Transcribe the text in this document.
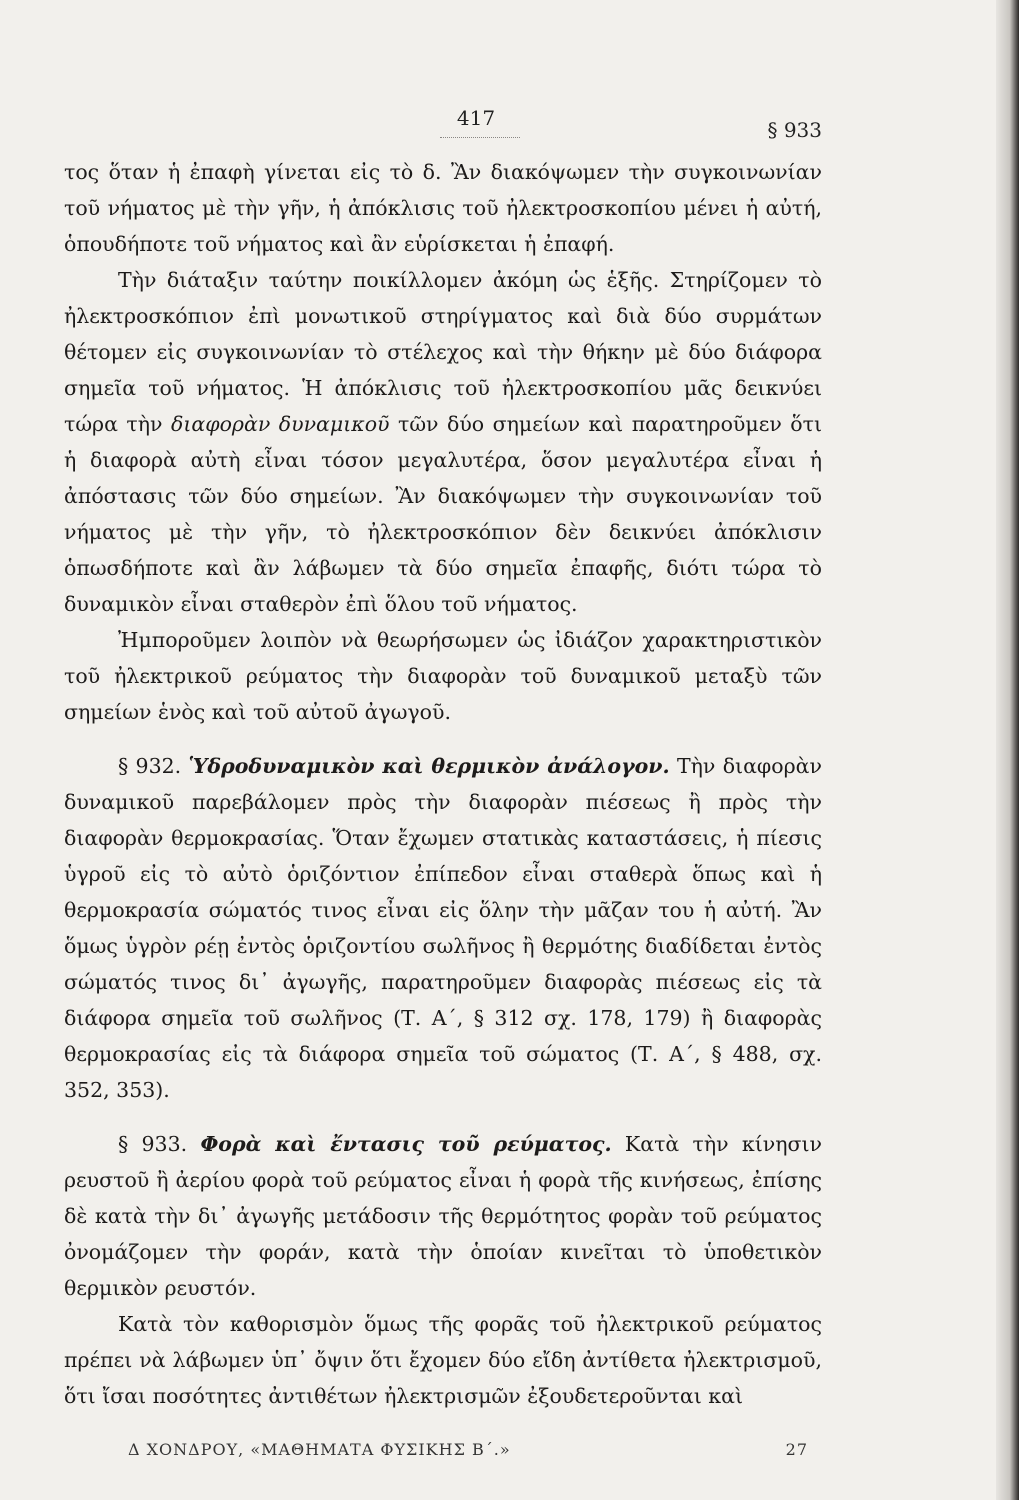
417	§ 933

τος ὅταν ἡ ἐπαφὴ γίνεται εἰς τὸ δ. Ἂν διακόψωμεν τὴν συγκοινωνίαν τοῦ νήματος μὲ τὴν γῆν, ἡ ἀπόκλισις τοῦ ἠλεκτροσκοπίου μένει ἡ αὐτή, ὁπουδήποτε τοῦ νήματος καὶ ἂν εὑρίσκεται ἡ ἐπαφή.

Τὴν διάταξιν ταύτην ποικίλλομεν ἀκόμη ὡς ἑξῆς. Στηρίζομεν τὸ ἠλεκτροσκόπιον ἐπὶ μονωτικοῦ στηρίγματος καὶ διὰ δύο συρμάτων θέτομεν εἰς συγκοινωνίαν τὸ στέλεχος καὶ τὴν θήκην μὲ δύο διάφορα σημεῖα τοῦ νήματος. Ἡ ἀπόκλισις τοῦ ἠλεκτροσκοπίου μᾶς δεικνύει τώρα τὴν διαφορὰν δυναμικοῦ τῶν δύο σημείων καὶ παρατηροῦμεν ὅτι ἡ διαφορὰ αὐτὴ εἶναι τόσον μεγαλυτέρα, ὅσον μεγαλυτέρα εἶναι ἡ ἀπόστασις τῶν δύο σημείων. Ἂν διακόψωμεν τὴν συγκοινωνίαν τοῦ νήματος μὲ τὴν γῆν, τὸ ἠλεκτροσκόπιον δὲν δεικνύει ἀπόκλισιν ὁπωσδήποτε καὶ ἂν λάβωμεν τὰ δύο σημεῖα ἐπαφῆς, διότι τώρα τὸ δυναμικὸν εἶναι σταθερὸν ἐπὶ ὅλου τοῦ νήματος.

Ἠμποροῦμεν λοιπὸν νὰ θεωρήσωμεν ὡς ἰδιάζον χαρακτηριστικὸν τοῦ ἠλεκτρικοῦ ρεύματος τὴν διαφορὰν τοῦ δυναμικοῦ μεταξὺ τῶν σημείων ἑνὸς καὶ τοῦ αὐτοῦ ἀγωγοῦ.

§ 932. Ὑδροδυναμικὸν καὶ θερμικὸν ἀνάλογον. Τὴν διαφορὰν δυναμικοῦ παρεβάλομεν πρὸς τὴν διαφορὰν πιέσεως ἢ πρὸς τὴν διαφορὰν θερμοκρασίας. Ὅταν ἔχωμεν στατικὰς καταστάσεις, ἡ πίεσις ὑγροῦ εἰς τὸ αὐτὸ ὁριζόντιον ἐπίπεδον εἶναι σταθερὰ ὅπως καὶ ἡ θερμοκρασία σώματός τινος εἶναι εἰς ὅλην τὴν μᾶζαν του ἡ αὐτή. Ἂν ὅμως ὑγρὸν ρέῃ ἐντὸς ὁριζοντίου σωλῆνος ἢ θερμότης διαδίδεται ἐντὸς σώματός τινος δι᾽ ἀγωγῆς, παρατηροῦμεν διαφορὰς πιέσεως εἰς τὰ διάφορα σημεῖα τοῦ σωλῆνος (Τ. Α΄, § 312 σχ. 178, 179) ἢ διαφορὰς θερμοκρασίας εἰς τὰ διάφορα σημεῖα τοῦ σώματος (Τ. Α΄, § 488, σχ. 352, 353).

§ 933. Φορὰ καὶ ἔντασις τοῦ ρεύματος. Κατὰ τὴν κίνησιν ρευστοῦ ἢ ἀερίου φορὰ τοῦ ρεύματος εἶναι ἡ φορὰ τῆς κινήσεως, ἐπίσης δὲ κατὰ τὴν δι᾽ ἀγωγῆς μετάδοσιν τῆς θερμότητος φορὰν τοῦ ρεύματος ὀνομάζομεν τὴν φοράν, κατὰ τὴν ὁποίαν κινεῖται τὸ ὑποθετικὸν θερμικὸν ρευστόν.

Κατὰ τὸν καθορισμὸν ὅμως τῆς φορᾶς τοῦ ἠλεκτρικοῦ ρεύματος πρέπει νὰ λάβωμεν ὑπ᾽ ὄψιν ὅτι ἔχομεν δύο εἴδη ἀντίθετα ἠλεκτρισμοῦ, ὅτι ἴσαι ποσότητες ἀντιθέτων ἠλεκτρισμῶν ἐξουδετεροῦνται καὶ

Δ ΧΟΝΔΡΟΥ, «ΜΑΘΗΜΑΤΑ ΦΥΣΙΚΗΣ Β΄.»	27
